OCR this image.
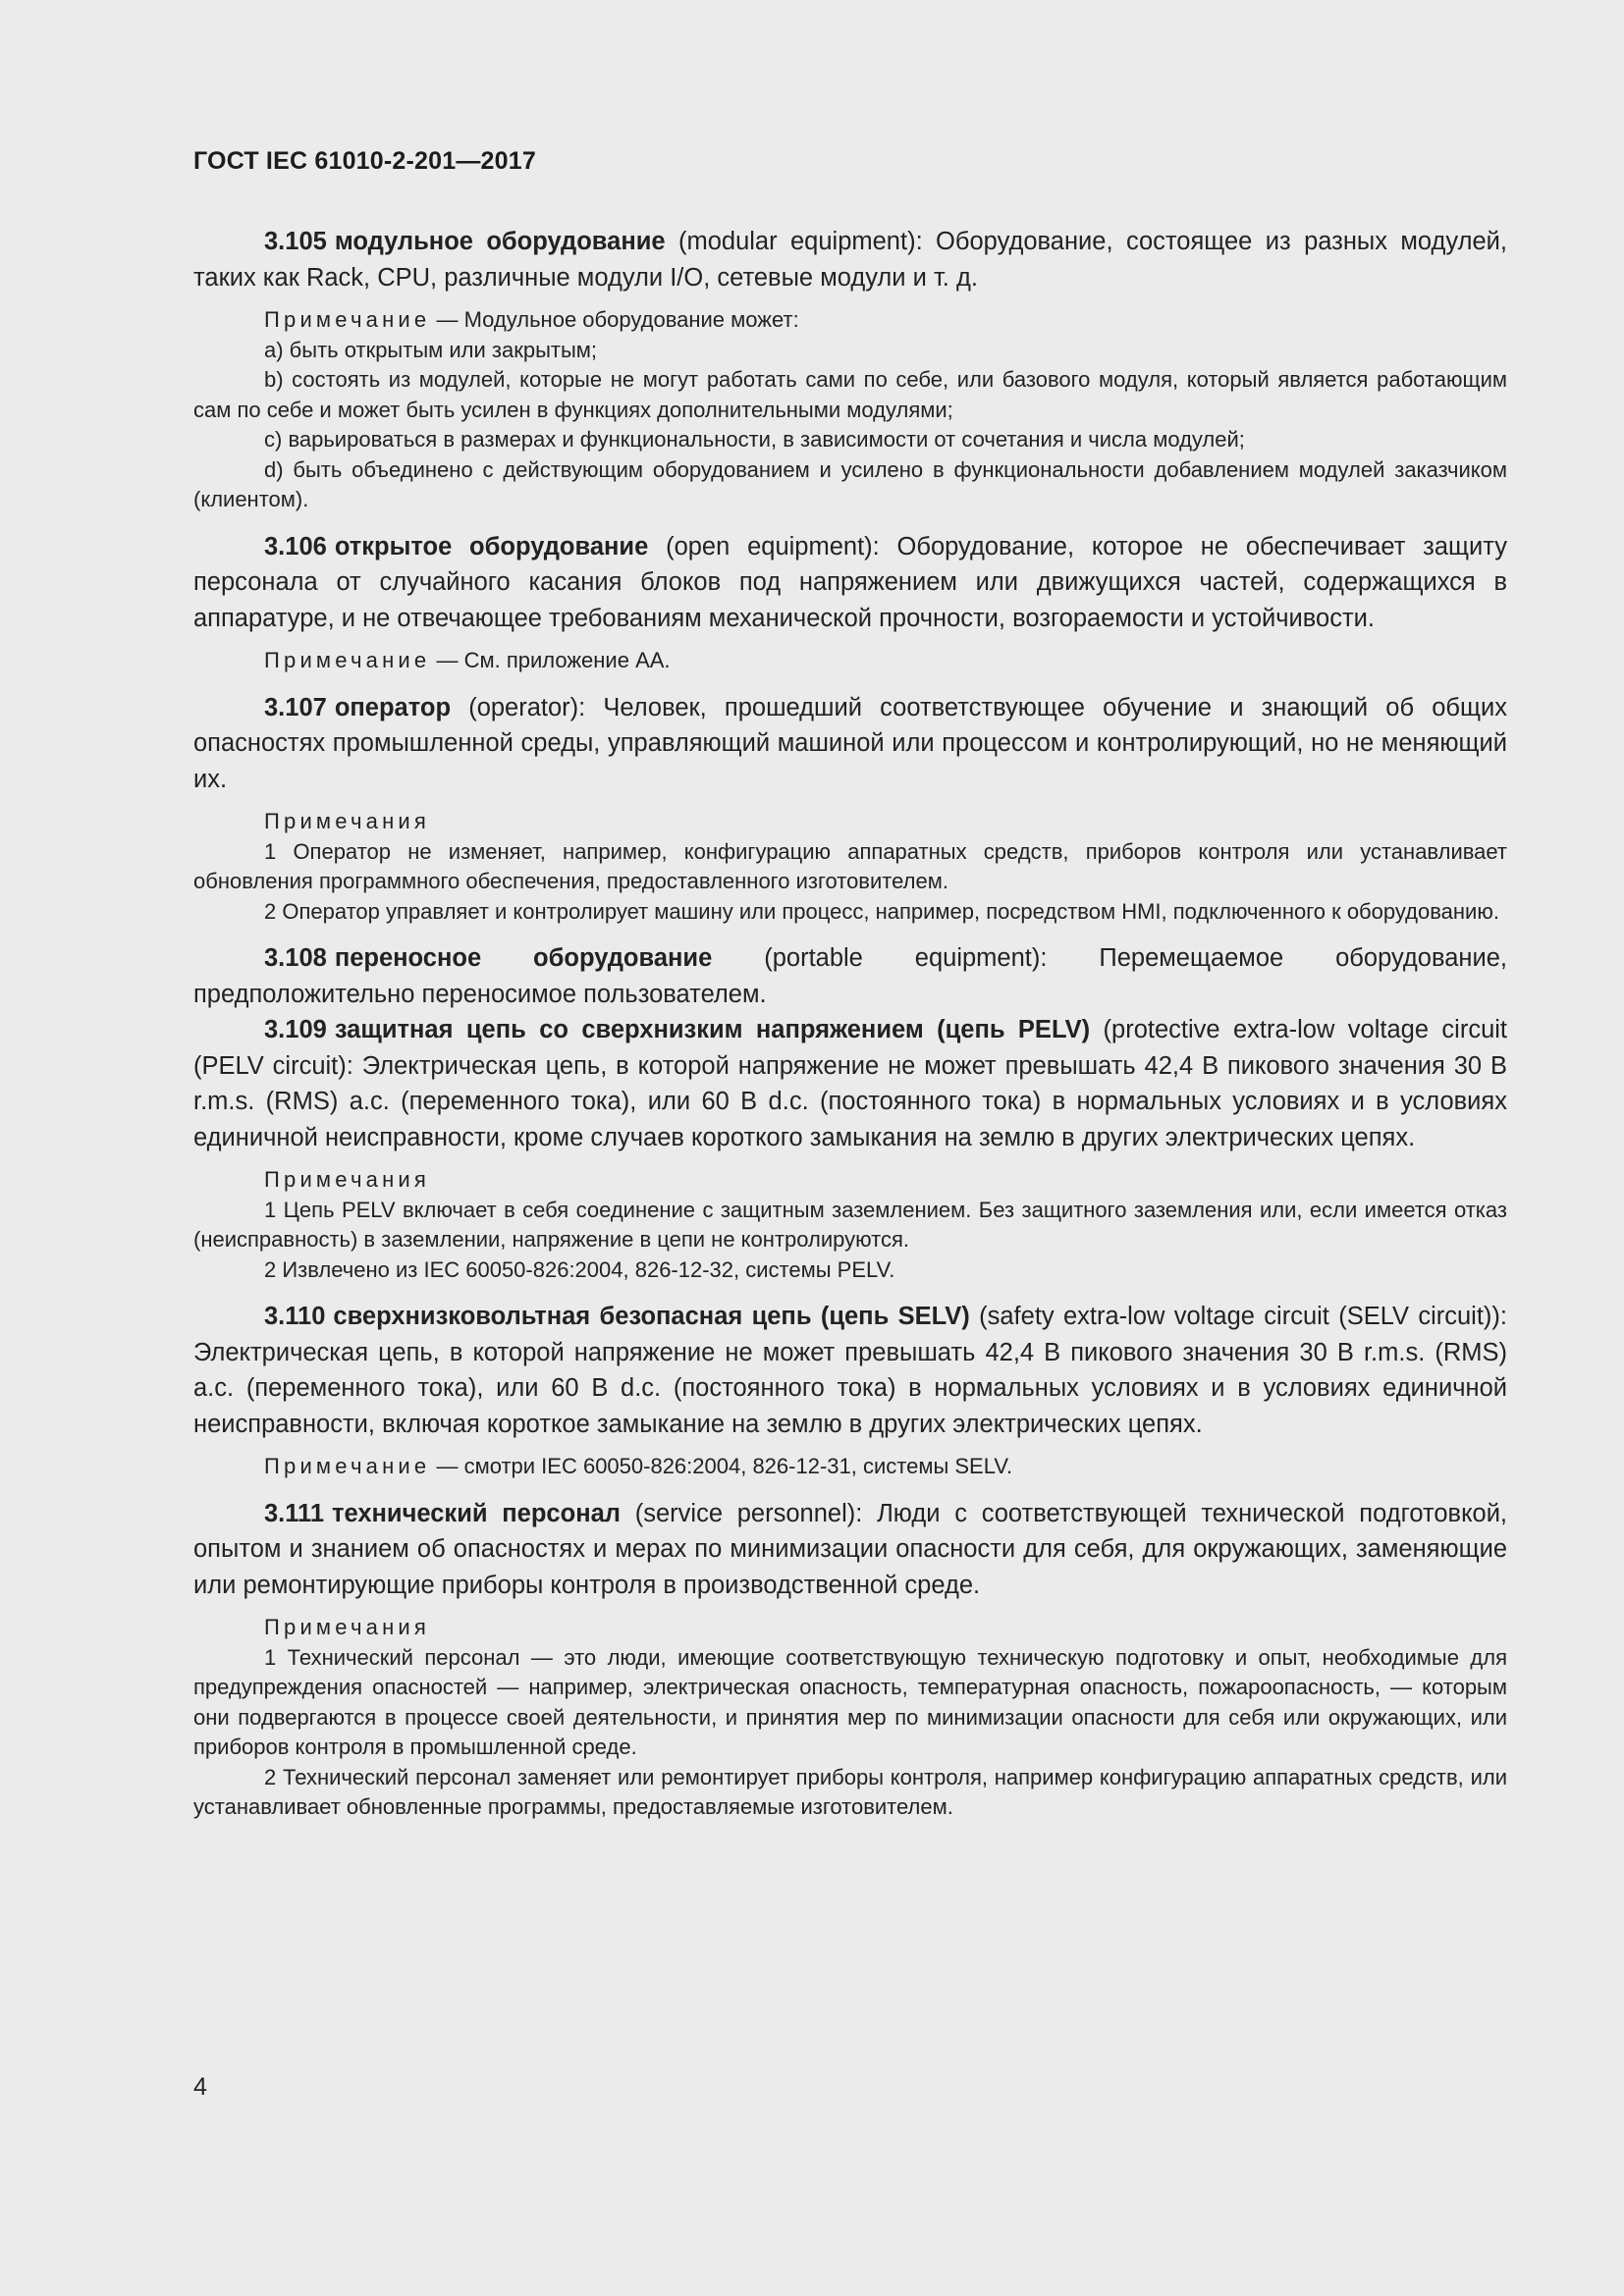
ГОСТ IEC 61010-2-201—2017

3.105 модульное оборудование (modular equipment): Оборудование, состоящее из разных модулей, таких как Rack, CPU, различные модули I/O, сетевые модули и т. д.

Примечание — Модульное оборудование может:

a) быть открытым или закрытым;

b) состоять из модулей, которые не могут работать сами по себе, или базового модуля, который является работающим сам по себе и может быть усилен в функциях дополнительными модулями;

c) варьироваться в размерах и функциональности, в зависимости от сочетания и числа модулей;

d) быть объединено с действующим оборудованием и усилено в функциональности добавлением модулей заказчиком (клиентом).

3.106 открытое оборудование (open equipment): Оборудование, которое не обеспечивает защиту персонала от случайного касания блоков под напряжением или движущихся частей, содержащихся в аппаратуре, и не отвечающее требованиям механической прочности, возгораемости и устойчивости.

Примечание — См. приложение АА.

3.107 оператор (operator): Человек, прошедший соответствующее обучение и знающий об общих опасностях промышленной среды, управляющий машиной или процессом и контролирующий, но не меняющий их.

Примечания

1 Оператор не изменяет, например, конфигурацию аппаратных средств, приборов контроля или устанавливает обновления программного обеспечения, предоставленного изготовителем.

2 Оператор управляет и контролирует машину или процесс, например, посредством HMI, подключенного к оборудованию.

3.108 переносное оборудование (portable equipment): Перемещаемое оборудование, предположительно переносимое пользователем.

3.109 защитная цепь со сверхнизким напряжением (цепь PELV) (protective extra-low voltage circuit (PELV circuit): Электрическая цепь, в которой напряжение не может превышать 42,4 В пикового значения 30 В r.m.s. (RMS) a.c. (переменного тока), или 60 В d.c. (постоянного тока) в нормальных условиях и в условиях единичной неисправности, кроме случаев короткого замыкания на землю в других электрических цепях.

Примечания

1 Цепь PELV включает в себя соединение с защитным заземлением. Без защитного заземления или, если имеется отказ (неисправность) в заземлении, напряжение в цепи не контролируются.

2 Извлечено из IEC 60050-826:2004, 826-12-32, системы PELV.

3.110 сверхнизковольтная безопасная цепь (цепь SELV) (safety extra-low voltage circuit (SELV circuit)): Электрическая цепь, в которой напряжение не может превышать 42,4 В пикового значения 30 В r.m.s. (RMS) a.c. (переменного тока), или 60 В d.c. (постоянного тока) в нормальных условиях и в условиях единичной неисправности, включая короткое замыкание на землю в других электрических цепях.

Примечание — смотри IEC 60050-826:2004, 826-12-31, системы SELV.

3.111 технический персонал (service personnel): Люди с соответствующей технической подготовкой, опытом и знанием об опасностях и мерах по минимизации опасности для себя, для окружающих, заменяющие или ремонтирующие приборы контроля в производственной среде.

Примечания

1 Технический персонал — это люди, имеющие соответствующую техническую подготовку и опыт, необходимые для предупреждения опасностей — например, электрическая опасность, температурная опасность, пожароопасность, — которым они подвергаются в процессе своей деятельности, и принятия мер по минимизации опасности для себя или окружающих, или приборов контроля в промышленной среде.

2 Технический персонал заменяет или ремонтирует приборы контроля, например конфигурацию аппаратных средств, или устанавливает обновленные программы, предоставляемые изготовителем.

4
